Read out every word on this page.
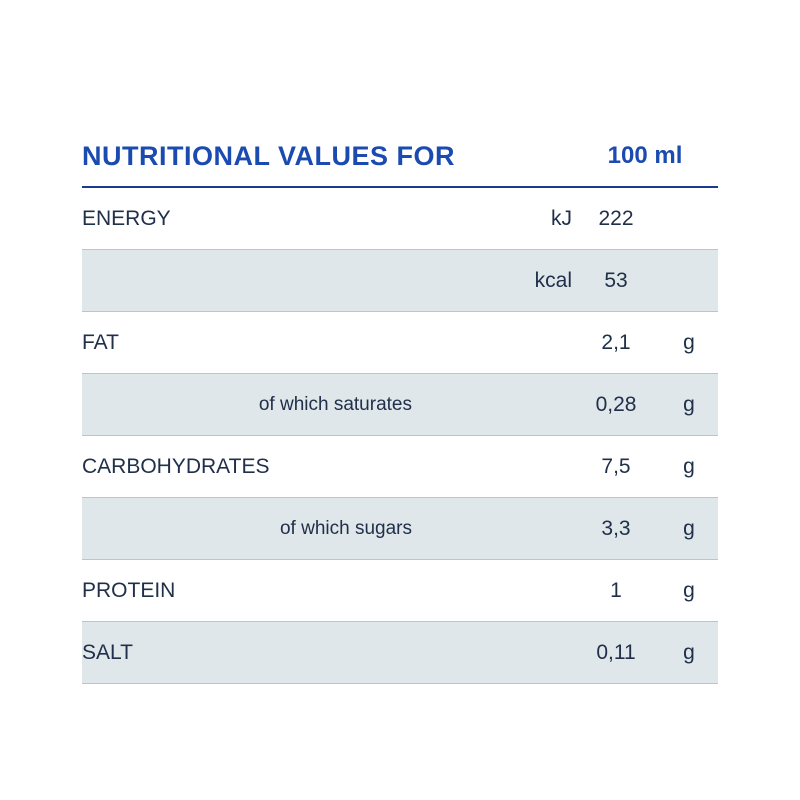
NUTRITIONAL VALUES FOR		100 ml	
ENERGY	kJ	222	
	kcal	53	
FAT		2,1	g
of which saturates		0,28	g
CARBOHYDRATES		7,5	g
of which sugars		3,3	g
PROTEIN		1	g
SALT		0,11	g
